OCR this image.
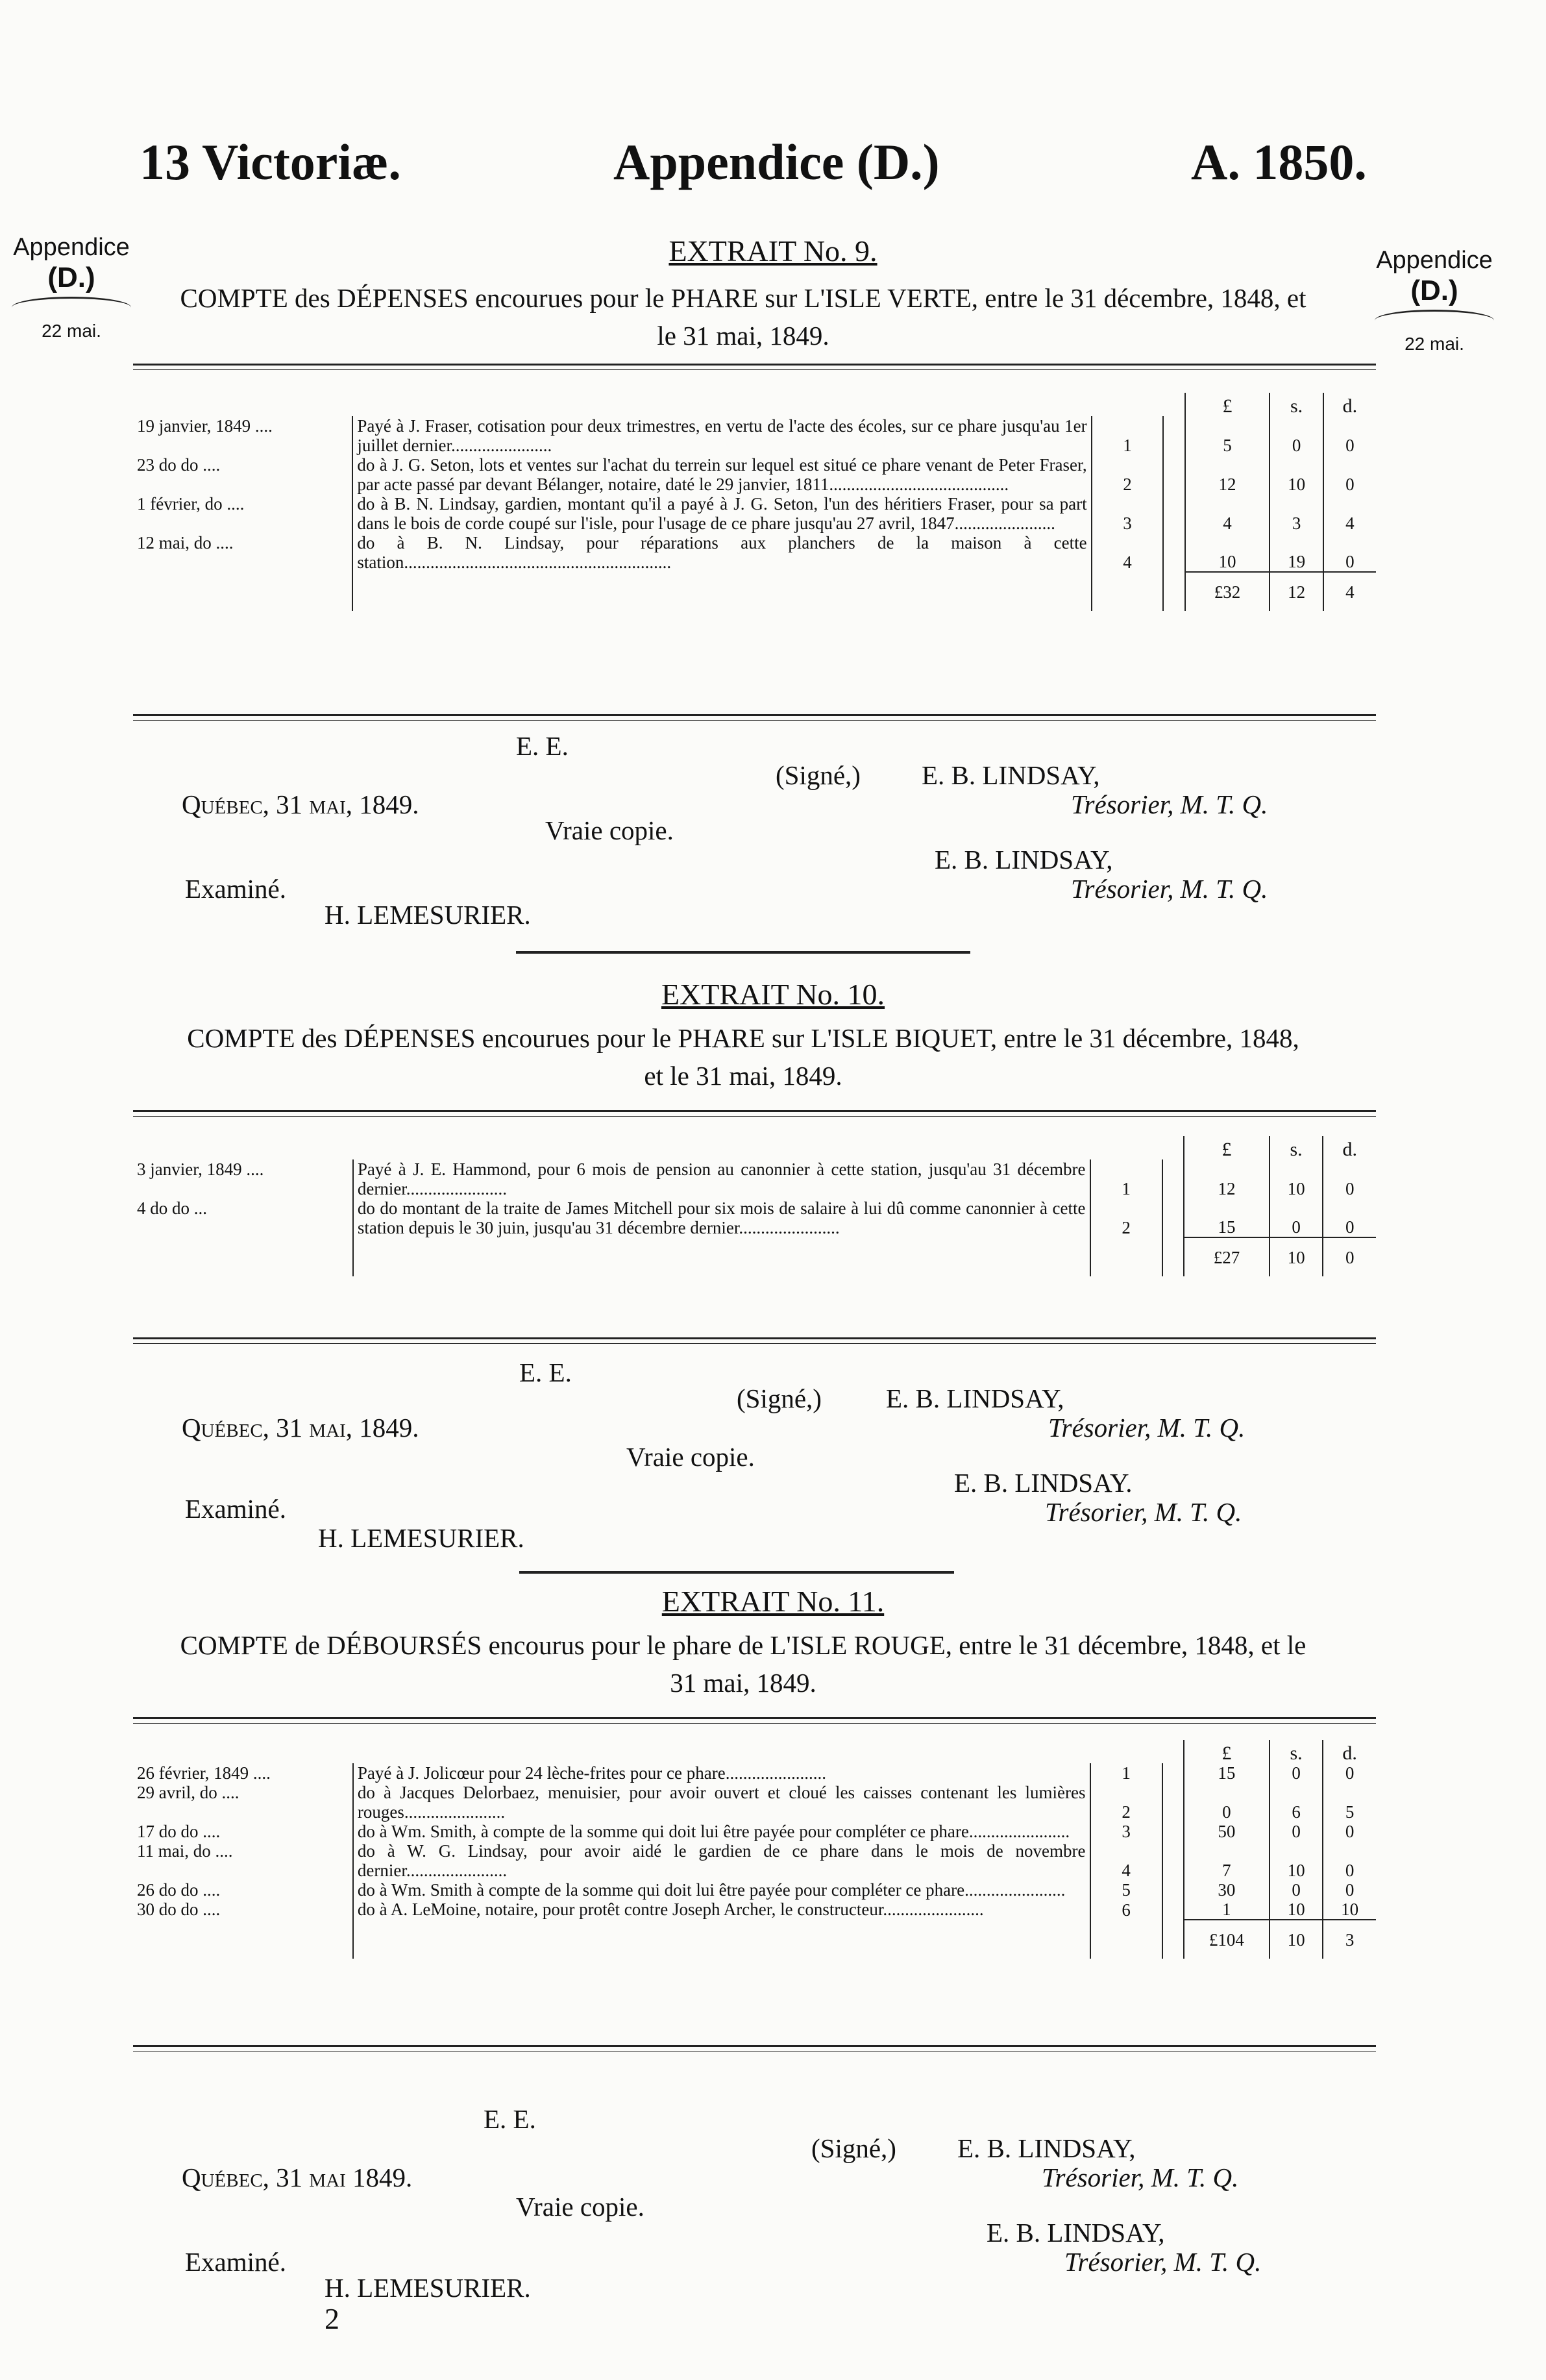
13 Victoriæ.	Appendice (D.)	A. 1850.
Appendice
(D.)
22 mai.
Appendice
(D.)
22 mai.
EXTRAIT No. 9.
COMPTE des DÉPENSES encourues pour le PHARE sur L'ISLE VERTE, entre le 31 décembre, 1848, et le 31 mai, 1849.
				£	s.	d.
19 janvier, 1849 ....	Payé à J. Fraser, cotisation pour deux trimestres, en vertu de l'acte des écoles, sur ce phare jusqu'au 1er juillet dernier.......................	1		5	0	0
23 do do ....	do à J. G. Seton, lots et ventes sur l'achat du terrein sur lequel est situé ce phare venant de Peter Fraser, par acte passé par devant Bélanger, notaire, daté le 29 janvier, 1811.........................................	2		12	10	0
1 février, do ....	do à B. N. Lindsay, gardien, montant qu'il a payé à J. G. Seton, l'un des héritiers Fraser, pour sa part dans le bois de corde coupé sur l'isle, pour l'usage de ce phare jusqu'au 27 avril, 1847.......................	3		4	3	4
12 mai, do ....	do à B. N. Lindsay, pour réparations aux planchers de la maison à cette station.............................................................	4		10	19	0
				£32	12	4
E. E.
(Signé,) E. B. LINDSAY,
Québec, 31 mai, 1849.	Trésorier, M. T. Q.
Vraie copie.
E. B. LINDSAY,
Examiné.	Trésorier, M. T. Q.
H. LEMESURIER.
EXTRAIT No. 10.
COMPTE des DÉPENSES encourues pour le PHARE sur L'ISLE BIQUET, entre le 31 décembre, 1848, et le 31 mai, 1849.
				£	s.	d.
3 janvier, 1849 ....	Payé à J. E. Hammond, pour 6 mois de pension au canonnier à cette station, jusqu'au 31 décembre dernier.......................	1		12	10	0
4 do do ...	do do montant de la traite de James Mitchell pour six mois de salaire à lui dû comme canonnier à cette station depuis le 30 juin, jusqu'au 31 décembre dernier.......................	2		15	0	0
				£27	10	0
E. E.
(Signé,) E. B. LINDSAY,
Québec, 31 mai, 1849.	Trésorier, M. T. Q.
Vraie copie.
E. B. LINDSAY.
Examiné.	Trésorier, M. T. Q.
H. LEMESURIER.
EXTRAIT No. 11.
COMPTE de DÉBOURSÉS encourus pour le phare de L'ISLE ROUGE, entre le 31 décembre, 1848, et le 31 mai, 1849.
				£	s.	d.
26 février, 1849 ....	Payé à J. Jolicœur pour 24 lèche-frites pour ce phare.......................	1		15	0	0
29 avril, do ....	do à Jacques Delorbaez, menuisier, pour avoir ouvert et cloué les caisses contenant les lumières rouges.......................	2		0	6	5
17 do do ....	do à Wm. Smith, à compte de la somme qui doit lui être payée pour compléter ce phare.......................	3		50	0	0
11 mai, do ....	do à W. G. Lindsay, pour avoir aidé le gardien de ce phare dans le mois de novembre dernier.......................	4		7	10	0
26 do do ....	do à Wm. Smith à compte de la somme qui doit lui être payée pour compléter ce phare.......................	5		30	0	0
30 do do ....	do à A. LeMoine, notaire, pour protêt contre Joseph Archer, le constructeur.......................	6		1	10	10
				£104	10	3
E. E.
(Signé,) E. B. LINDSAY,
Québec, 31 mai 1849.	Trésorier, M. T. Q.
Vraie copie.
E. B. LINDSAY,
Examiné.	Trésorier, M. T. Q.
H. LEMESURIER.
2
